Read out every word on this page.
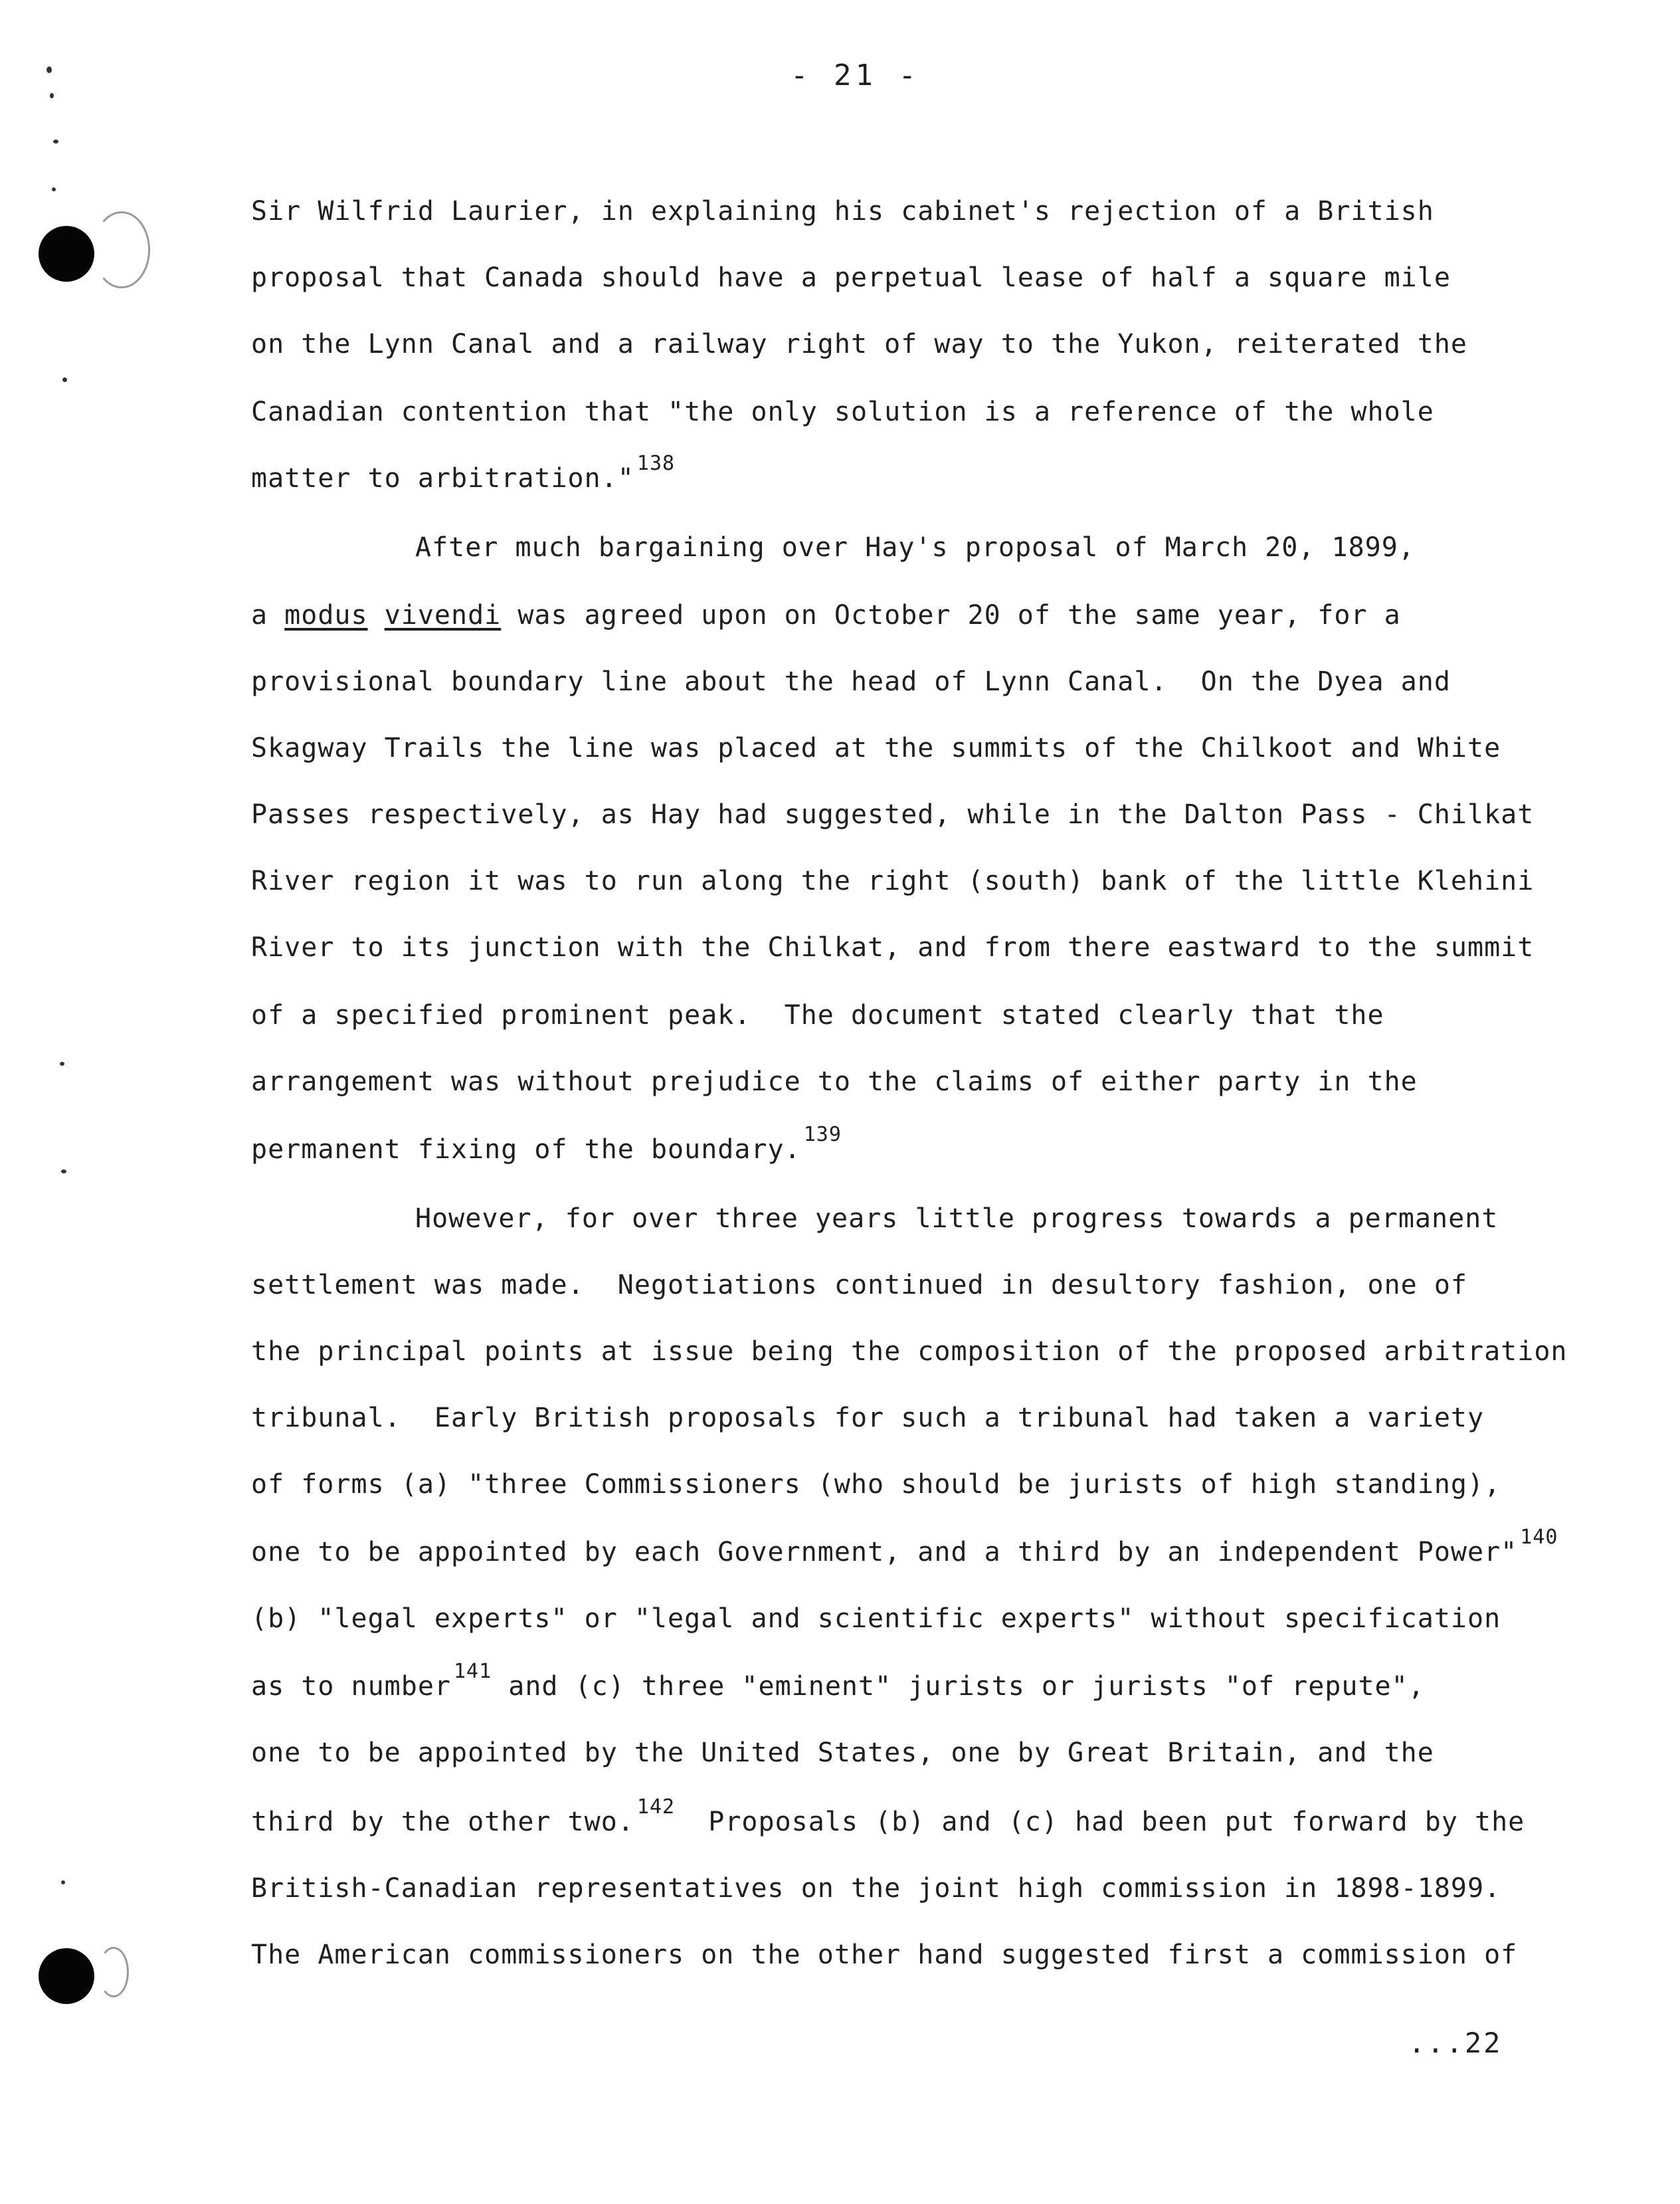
- 21 -
Sir Wilfrid Laurier, in explaining his cabinet's rejection of a British
proposal that Canada should have a perpetual lease of half a square mile
on the Lynn Canal and a railway right of way to the Yukon, reiterated the
Canadian contention that "the only solution is a reference of the whole
matter to arbitration." $^{138}$
After much bargaining over Hay's proposal of March 20, 1899,
a modus vivendi was agreed upon on October 20 of the same year, for a
provisional boundary line about the head of Lynn Canal.  On the Dyea and
Skagway Trails the line was placed at the summits of the Chilkoot and White
Passes respectively, as Hay had suggested, while in the Dalton Pass - Chilkat
River region it was to run along the right (south) bank of the little Klehini
River to its junction with the Chilkat, and from there eastward to the summit
of a specified prominent peak.  The document stated clearly that the
arrangement was without prejudice to the claims of either party in the
permanent fixing of the boundary. $^{139}$
However, for over three years little progress towards a permanent
settlement was made.  Negotiations continued in desultory fashion, one of
the principal points at issue being the composition of the proposed arbitration
tribunal.  Early British proposals for such a tribunal had taken a variety
of forms (a) "three Commissioners (who should be jurists of high standing),
one to be appointed by each Government, and a third by an independent Power" $^{140}$
(b) "legal experts" or "legal and scientific experts" without specification
as to number $^{141}$ and (c) three "eminent" jurists or jurists "of repute",
one to be appointed by the United States, one by Great Britain, and the
third by the other two. $^{142}$  Proposals (b) and (c) had been put forward by the
British-Canadian representatives on the joint high commission in 1898-1899.
The American commissioners on the other hand suggested first a commission of
...22
